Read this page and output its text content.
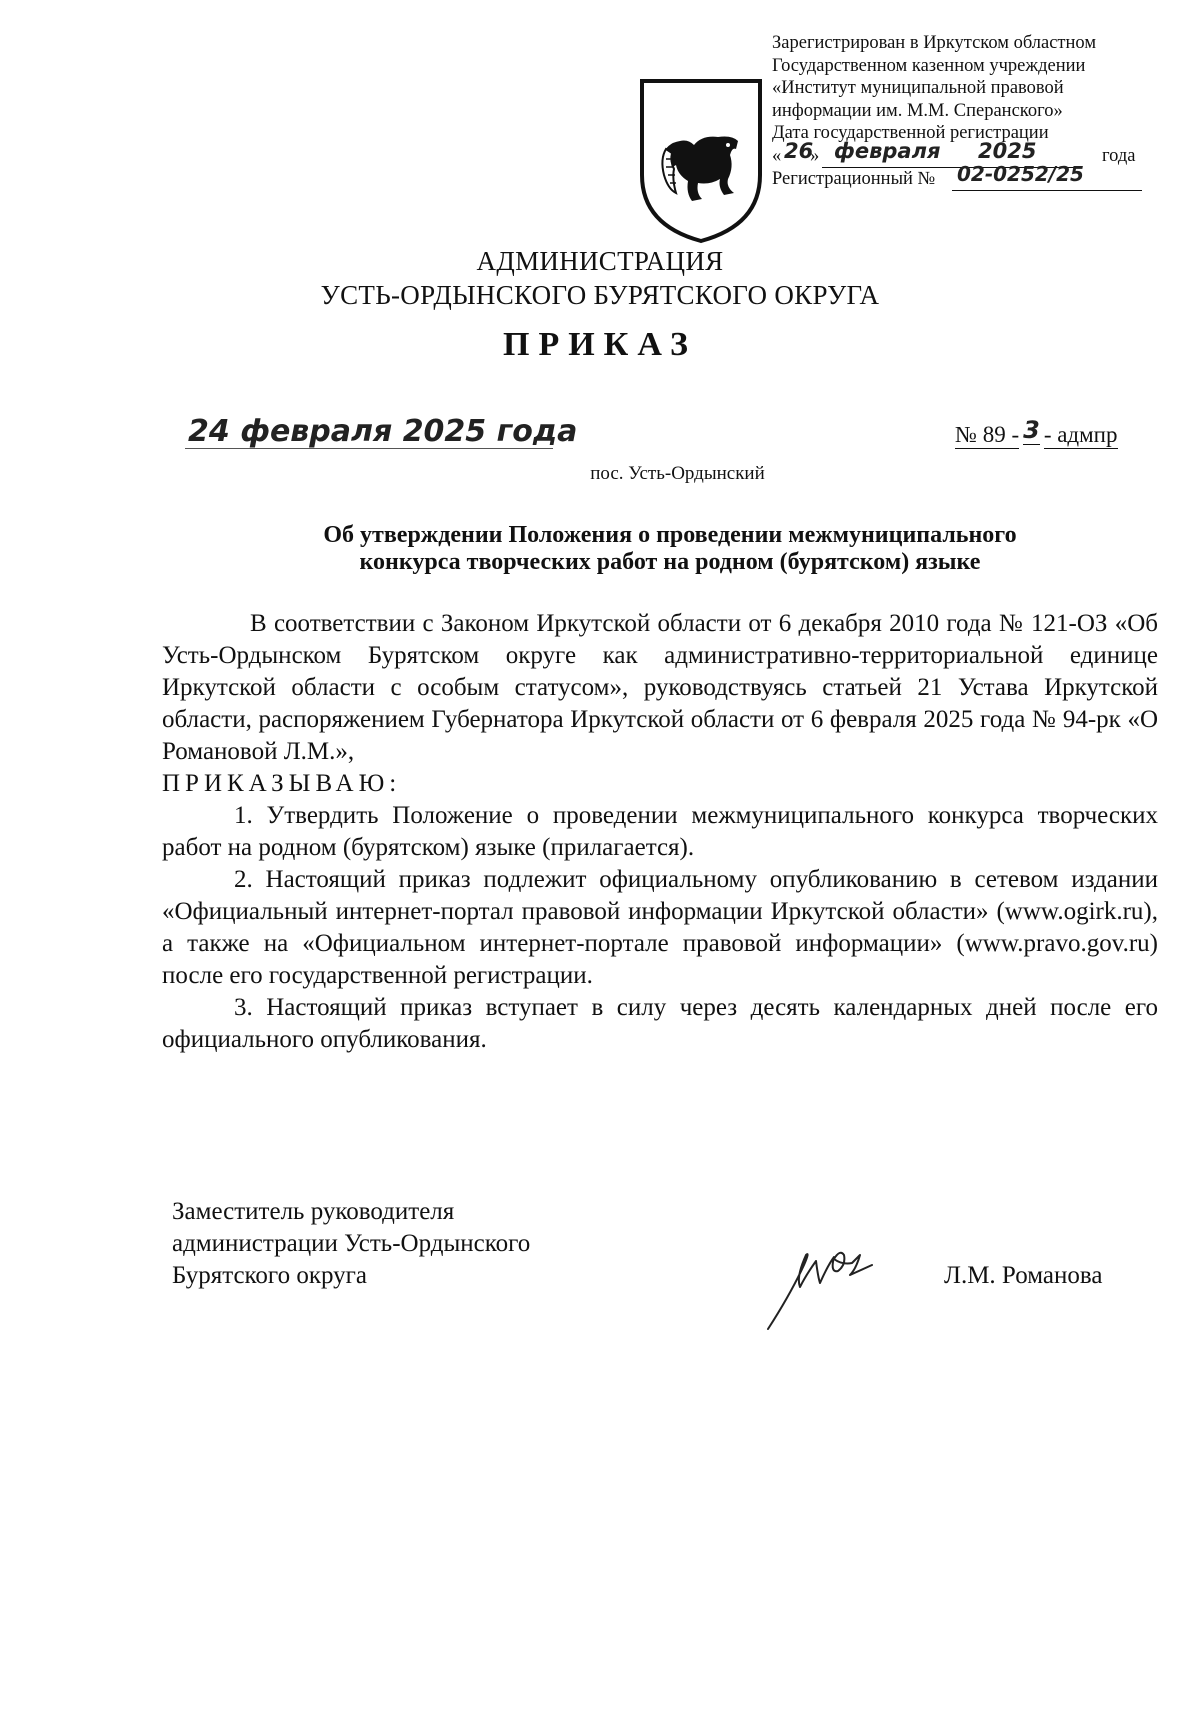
Зарегистрирован в Иркутском областном
Государственном казенном учреждении
«Институт муниципальной правовой
информации им. М.М. Сперанского»
Дата государственной регистрации
« 26
» февраля 2025	года
Регистрационный № 02-0252/25
АДМИНИСТРАЦИЯ
УСТЬ-ОРДЫНСКОГО БУРЯТСКОГО ОКРУГА
ПРИКАЗ
24 февраля 2025 года	№ 89 - 3 - адмпр
пос. Усть-Ордынский
Об утверждении Положения о проведении межмуниципального
конкурса творческих работ на родном (бурятском) языке

В соответствии с Законом Иркутской области от 6 декабря 2010 года № 121-ОЗ «Об Усть-Ордынском Бурятском округе как административно-территориальной единице Иркутской области с особым статусом», руководствуясь статьей 21 Устава Иркутской области, распоряжением Губернатора Иркутской области от 6 февраля 2025 года № 94-рк «О Романовой Л.М.»,

ПРИКАЗЫВАЮ:

1. Утвердить Положение о проведении межмуниципального конкурса творческих работ на родном (бурятском) языке (прилагается).

2. Настоящий приказ подлежит официальному опубликованию в сетевом издании «Официальный интернет-портал правовой информации Иркутской области» (www.ogirk.ru), а также на «Официальном интернет-портале правовой информации» (www.pravo.gov.ru) после его государственной регистрации.

3. Настоящий приказ вступает в силу через десять календарных дней после его официального опубликования.

Заместитель руководителя
администрации Усть-Ордынского
Бурятского округа	Л.М. Романова
